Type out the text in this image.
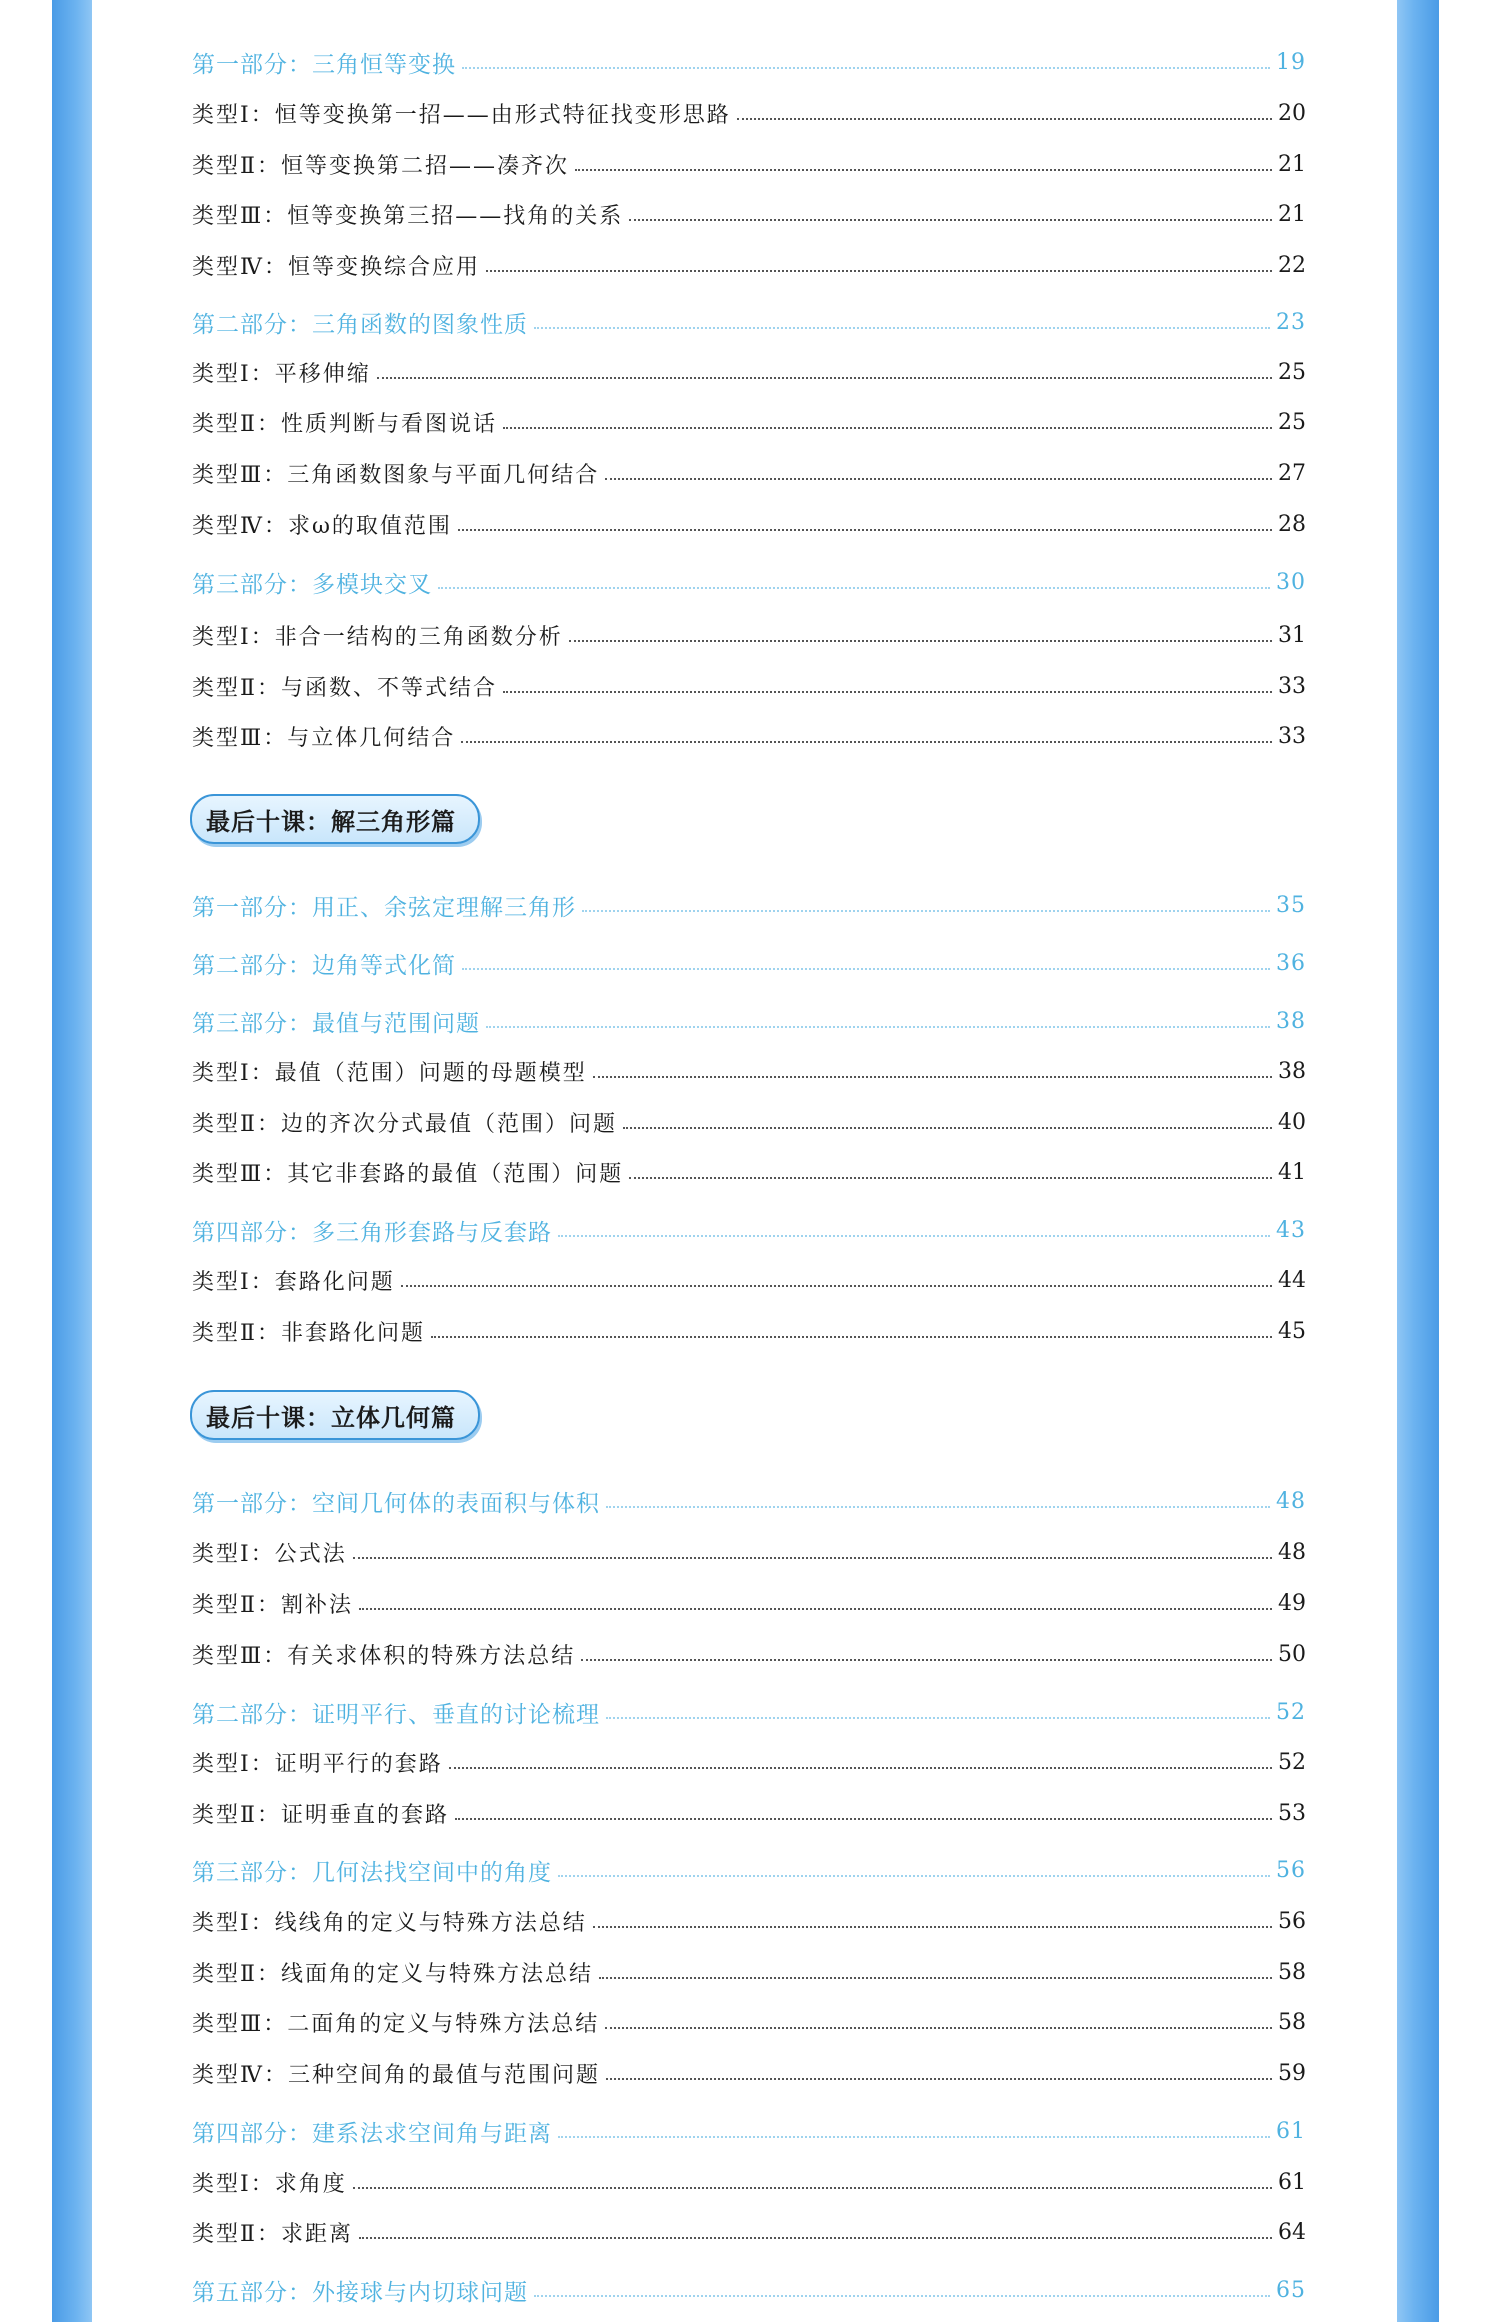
第一部分：三角恒等变换	19
类型Ⅰ：恒等变换第一招——由形式特征找变形思路	20
类型Ⅱ：恒等变换第二招——凑齐次	21
类型Ⅲ：恒等变换第三招——找角的关系	21
类型Ⅳ：恒等变换综合应用	22
第二部分：三角函数的图象性质	23
类型Ⅰ：平移伸缩	25
类型Ⅱ：性质判断与看图说话	25
类型Ⅲ：三角函数图象与平面几何结合	27
类型Ⅳ：求ω的取值范围	28
第三部分：多模块交叉	30
类型Ⅰ：非合一结构的三角函数分析	31
类型Ⅱ：与函数、不等式结合	33
类型Ⅲ：与立体几何结合	33
最后十课：解三角形篇
第一部分：用正、余弦定理解三角形	35
第二部分：边角等式化简	36
第三部分：最值与范围问题	38
类型Ⅰ：最值（范围）问题的母题模型	38
类型Ⅱ：边的齐次分式最值（范围）问题	40
类型Ⅲ：其它非套路的最值（范围）问题	41
第四部分：多三角形套路与反套路	43
类型Ⅰ：套路化问题	44
类型Ⅱ：非套路化问题	45
最后十课：立体几何篇
第一部分：空间几何体的表面积与体积	48
类型Ⅰ：公式法	48
类型Ⅱ：割补法	49
类型Ⅲ：有关求体积的特殊方法总结	50
第二部分：证明平行、垂直的讨论梳理	52
类型Ⅰ：证明平行的套路	52
类型Ⅱ：证明垂直的套路	53
第三部分：几何法找空间中的角度	56
类型Ⅰ：线线角的定义与特殊方法总结	56
类型Ⅱ：线面角的定义与特殊方法总结	58
类型Ⅲ：二面角的定义与特殊方法总结	58
类型Ⅳ：三种空间角的最值与范围问题	59
第四部分：建系法求空间角与距离	61
类型Ⅰ：求角度	61
类型Ⅱ：求距离	64
第五部分：外接球与内切球问题	65
